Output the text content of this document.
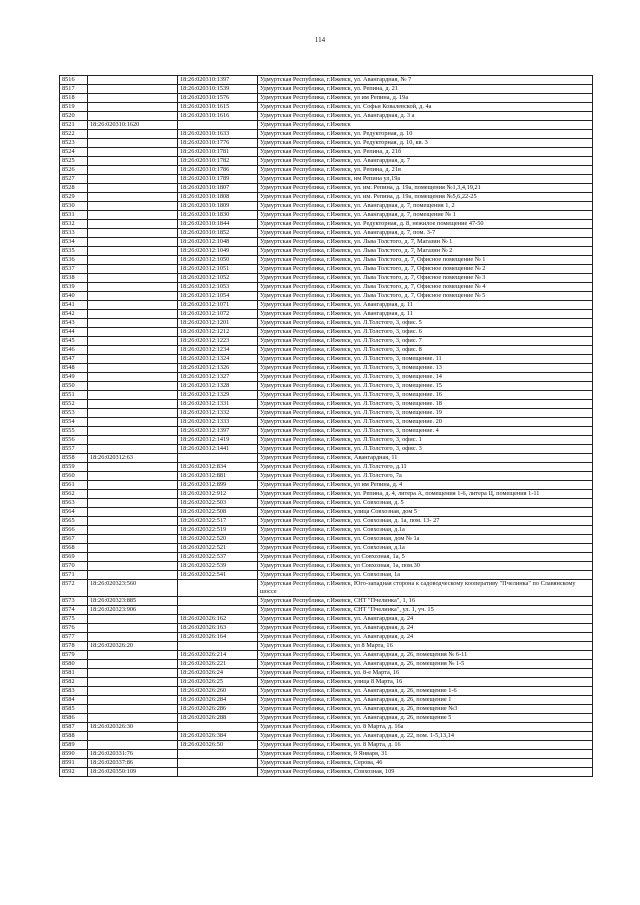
114
8516		18:26:020310:1397	Удмуртская Республика, г.Ижевск, ул. Авангардная, № 7
8517		18:26:020310:1539	Удмуртская Республика, г.Ижевск, ул. Репина, д. 21
8518		18:26:020310:1576	Удмуртская Республика, г.Ижевск, ул им Репина, д. 19а
8519		18:26:020310:1615	Удмуртская Республика, г.Ижевск, ул. Софьи Ковалевской, д. 4а
8520		18:26:020310:1616	Удмуртская Республика, г.Ижевск, ул. Авангардная, д. 3 а
8521	18:26:020310:1620		Удмуртская Республика, г.Ижевск
8522		18:26:020310:1633	Удмуртская Республика, г.Ижевск, ул. Редукторная, д. 10
8523		18:26:020310:1776	Удмуртская Республика, г.Ижевск, ул. Редукторная, д. 10, кв. 3
8524		18:26:020310:1781	Удмуртская Республика, г.Ижевск, ул. Репина, д. 21б
8525		18:26:020310:1782	Удмуртская Республика, г.Ижевск, ул. Авангардная, д. 7
8526		18:26:020310:1786	Удмуртская Республика, г.Ижевск, ул. Репина, д. 21в
8527		18:26:020310:1789	Удмуртская Республика, г.Ижевск, им Репина ул,19а
8528		18:26:020310:1807	Удмуртская Республика, г.Ижевск, ул. им. Репина, д. 19а, помещения №1,3,4,19,21
8529		18:26:020310:1808	Удмуртская Республика, г.Ижевск, ул. им. Репина, д. 19а, помещения №5,6,22-25
8530		18:26:020310:1809	Удмуртская Республика, г.Ижевск, ул. Авангардная, д. 7, помещения 1, 2
8531		18:26:020310:1830	Удмуртская Республика, г.Ижевск, ул. Авангардная, д. 7, помещение № 1
8532		18:26:020310:1844	Удмуртская Республика, г.Ижевск, ул. Редукторная, д. 8, нежилое помещение 47-50
8533		18:26:020310:1852	Удмуртская Республика, г.Ижевск, ул. Авангардная, д. 7, пом. 3-7
8534		18:26:020312:1048	Удмуртская Республика, г.Ижевск, ул. Льва Толстого, д. 7, Магазин № 1
8535		18:26:020312:1049	Удмуртская Республика, г.Ижевск, ул. Льва Толстого, д. 7, Магазин № 2
8536		18:26:020312:1050	Удмуртская Республика, г.Ижевск, ул. Льва Толстого, д. 7, Офисное помещение № 1
8537		18:26:020312:1051	Удмуртская Республика, г.Ижевск, ул. Льва Толстого, д. 7, Офисное помещение № 2
8538		18:26:020312:1052	Удмуртская Республика, г.Ижевск, ул. Льва Толстого, д. 7, Офисное помещение № 3
8539		18:26:020312:1053	Удмуртская Республика, г.Ижевск, ул. Льва Толстого, д. 7, Офисное помещение № 4
8540		18:26:020312:1054	Удмуртская Республика, г.Ижевск, ул. Льва Толстого, д. 7, Офисное помещение № 5
8541		18:26:020312:1071	Удмуртская Республика, г.Ижевск, ул. Авангардная, д. 11
8542		18:26:020312:1072	Удмуртская Республика, г.Ижевск, ул. Авангардная, д. 11
8543		18:26:020312:1201	Удмуртская Республика, г.Ижевск, ул. Л.Толстого, 3, офис. 5
8544		18:26:020312:1212	Удмуртская Республика, г.Ижевск, ул. Л.Толстого, 3, офис. 6
8545		18:26:020312:1223	Удмуртская Республика, г.Ижевск, ул. Л.Толстого, 3, офис. 7
8546		18:26:020312:1234	Удмуртская Республика, г.Ижевск, ул. Л.Толстого, 3, офис. 8
8547		18:26:020312:1324	Удмуртская Республика, г.Ижевск, ул. Л.Толстого, 3, помещение. 11
8548		18:26:020312:1326	Удмуртская Республика, г.Ижевск, ул. Л.Толстого, 3, помещение. 13
8549		18:26:020312:1327	Удмуртская Республика, г.Ижевск, ул. Л.Толстого, 3, помещение. 14
8550		18:26:020312:1328	Удмуртская Республика, г.Ижевск, ул. Л.Толстого, 3, помещение. 15
8551		18:26:020312:1329	Удмуртская Республика, г.Ижевск, ул. Л.Толстого, 3, помещение. 16
8552		18:26:020312:1331	Удмуртская Республика, г.Ижевск, ул. Л.Толстого, 3, помещение. 18
8553		18:26:020312:1332	Удмуртская Республика, г.Ижевск, ул. Л.Толстого, 3, помещение. 19
8554		18:26:020312:1333	Удмуртская Республика, г.Ижевск, ул. Л.Толстого, 3, помещение. 20
8555		18:26:020312:1397	Удмуртская Республика, г.Ижевск, ул. Л.Толстого, 3, помещение. 4
8556		18:26:020312:1419	Удмуртская Республика, г.Ижевск, ул. Л.Толстого, 3, офис. 1
8557		18:26:020312:1441	Удмуртская Республика, г.Ижевск, ул. Л.Толстого, 3, офис. 3
8558	18:26:020312:63		Удмуртская Республика, г.Ижевск, Авангардная, 11
8559		18:26:020312:834	Удмуртская Республика, г.Ижевск, ул. Л.Толстого, д.11
8560		18:26:020312:881	Удмуртская Республика, г.Ижевск, ул. Л.Толстого, 7а
8561		18:26:020312:899	Удмуртская Республика, г.Ижевск, ул им Репина, д. 4
8562		18:26:020312:912	Удмуртская Республика, г.Ижевск, ул. Репина, д. 4, литера А, помещения 1-6, литера Ц, помещения 1-11
8563		18:26:020322:503	Удмуртская Республика, г.Ижевск, ул. Совхозная, д. 5
8564		18:26:020322:508	Удмуртская Республика, г.Ижевск, улица Совхозная, дом 5
8565		18:26:020322:517	Удмуртская Республика, г.Ижевск, ул. Совхозная, д. 1а, пом. 13- 27
8566		18:26:020322:519	Удмуртская Республика, г.Ижевск, ул. Совхозная, д.1а
8567		18:26:020322:520	Удмуртская Республика, г.Ижевск, ул. Совхозная, дом № 1а
8568		18:26:020322:521	Удмуртская Республика, г.Ижевск, ул. Совхозная, д.1а
8569		18:26:020322:537	Удмуртская Республика, г.Ижевск, ул Совхозная, 1а, 5
8570		18:26:020322:539	Удмуртская Республика, г.Ижевск, ул Совхозная, 1а, пом.30
8571		18:26:020322:541	Удмуртская Республика, г.Ижевск, ул. Совхозная, 1а
8572	18:26:020323:560		Удмуртская Республика, г.Ижевск, Юго-западная сторона к садоводческому кооперативу "Пчелинка" по Славянскому шоссе
8573	18:26:020323:885		Удмуртская Республика, г.Ижевск, СНТ "Пчелинка", 1, 16
8574	18:26:020323:906		Удмуртская Республика, г.Ижевск, СНТ "Пчелинка", ул. 1, уч. 15
8575		18:26:020326:162	Удмуртская Республика, г.Ижевск, ул. Авангардная, д. 24
8576		18:26:020326:163	Удмуртская Республика, г.Ижевск, ул. Авангардная, д. 24
8577		18:26:020326:164	Удмуртская Республика, г.Ижевск, ул. Авангардная, д. 24
8578	18:26:020326:20		Удмуртская Республика, г.Ижевск, ул 8 Марта, 16
8579		18:26:020326:214	Удмуртская Республика, г.Ижевск, ул. Авангардная, д. 26, помещения № 6-11
8580		18:26:020326:221	Удмуртская Республика, г.Ижевск, ул. Авангардная, д. 26, помещения № 1-5
8581		18:26:020326:24	Удмуртская Республика, г.Ижевск, ул. 8-е Марта, 16
8582		18:26:020326:25	Удмуртская Республика, г.Ижевск, улица 8 Марта, 16
8583		18:26:020326:260	Удмуртская Республика, г.Ижевск, ул. Авангардная, д. 26, помещение 1-6
8584		18:26:020326:284	Удмуртская Республика, г.Ижевск, ул. Авангардная, д. 26, помещение 1
8585		18:26:020326:286	Удмуртская Республика, г.Ижевск, ул. Авангардная, д. 26, помещение №3
8586		18:26:020326:288	Удмуртская Республика, г.Ижевск, ул. Авангардная, д. 26, помещение 5
8587	18:26:020326:30		Удмуртская Республика, г.Ижевск, ул. 8 Марта, д. 16а
8588		18:26:020326:384	Удмуртская Республика, г.Ижевск, ул. Авангардная, д. 22, пом. 1-5,13,14
8589		18:26:020326:50	Удмуртская Республика, г.Ижевск, ул. 8 Марта, д. 16
8590	18:26:020331:76		Удмуртская Республика, г.Ижевск, 9 Января, 31
8591	18:26:020337:86		Удмуртская Республика, г.Ижевск, Серова, 46
8592	18:26:020350:109		Удмуртская Республика, г.Ижевск, Совхозная, 109
